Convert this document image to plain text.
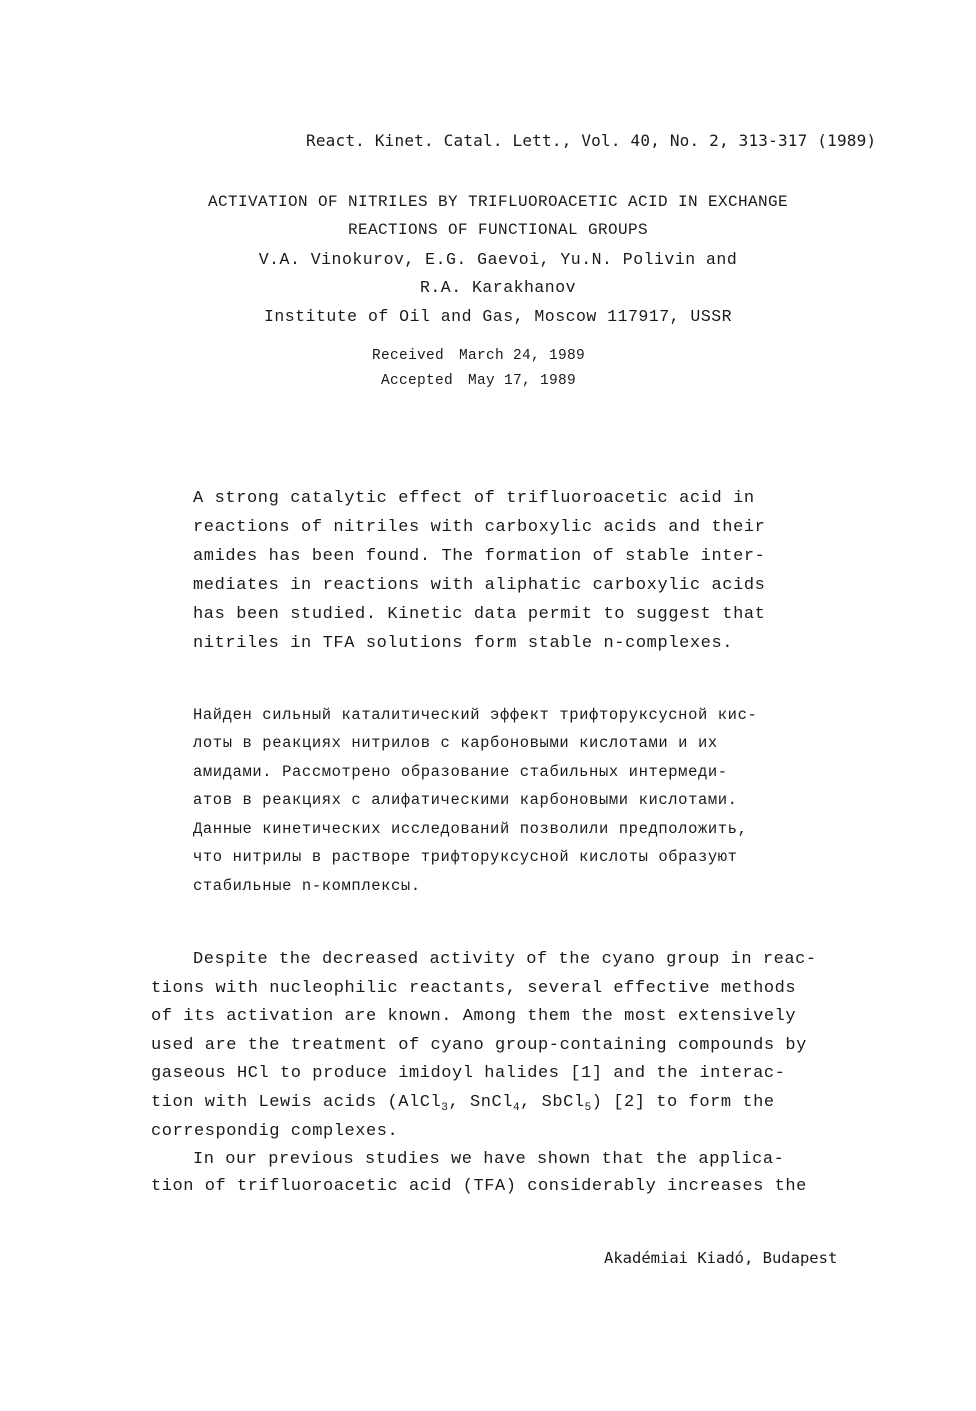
React. Kinet. Catal. Lett., Vol. 40, No. 2, 313-317 (1989)
ACTIVATION OF NITRILES BY TRIFLUOROACETIC ACID IN EXCHANGE
REACTIONS OF FUNCTIONAL GROUPS
V.A. Vinokurov, E.G. Gaevoi, Yu.N. Polivin and
R.A. Karakhanov
Institute of Oil and Gas, Moscow 117917, USSR
Received March 24, 1989
Accepted May 17, 1989
A strong catalytic effect of trifluoroacetic acid in
reactions of nitriles with carboxylic acids and their
amides has been found. The formation of stable inter-
mediates in reactions with aliphatic carboxylic acids
has been studied. Kinetic data permit to suggest that
nitriles in TFA solutions form stable n-complexes.
Найден сильный каталитический эффект трифторуксусной кис-
лоты в реакциях нитрилов с карбоновыми кислотами и их
амидами. Рассмотрено образование стабильных интермеди-
атов в реакциях с алифатическими карбоновыми кислотами.
Данные кинетических исследований позволили предположить,
что нитрилы в растворе трифторуксусной кислоты образуют
стабильные n-комплексы.
Despite the decreased activity of the cyano group in reac-
tions with nucleophilic reactants, several effective methods
of its activation are known. Among them the most extensively
used are the treatment of cyano group-containing compounds by
gaseous HCl to produce imidoyl halides [1] and the interac-
tion with Lewis acids (AlCl$_3$, SnCl$_4$, SbCl$_5$) [2] to form the
correspondig complexes.
In our previous studies we have shown that the applica-
tion of trifluoroacetic acid (TFA) considerably increases the
Akadémiai Kiadó, Budapest
